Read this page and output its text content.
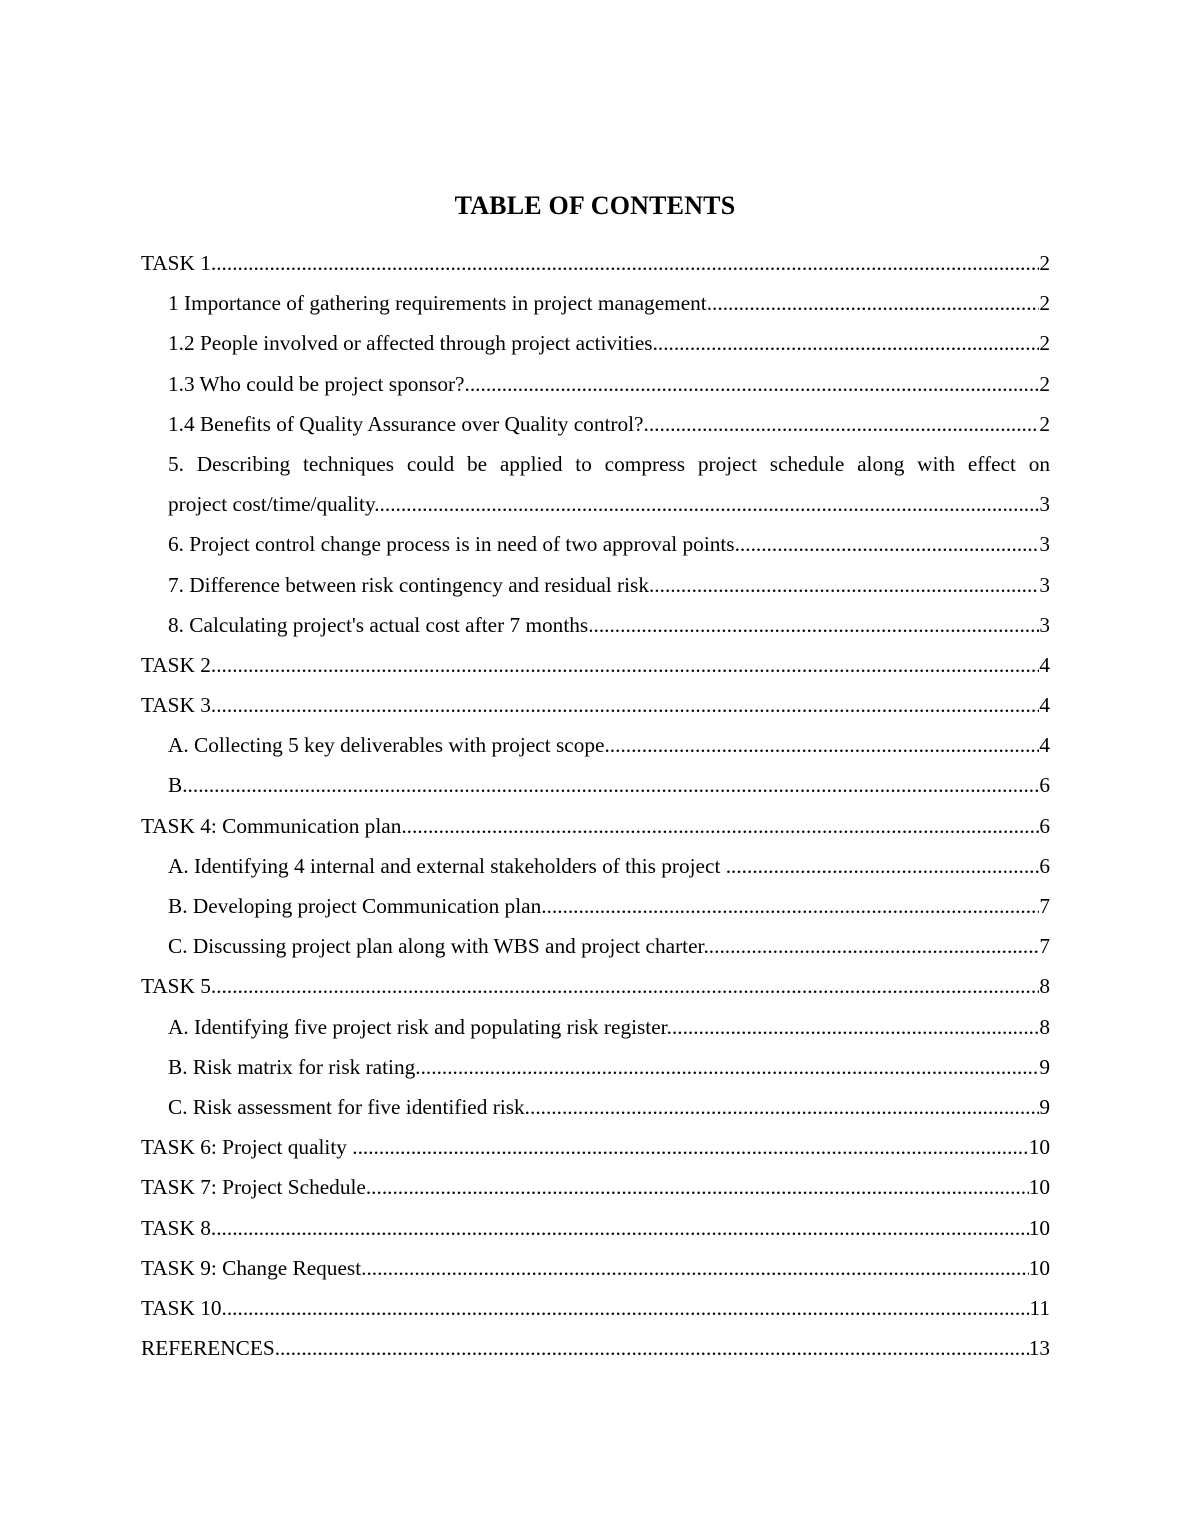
TABLE OF CONTENTS
TASK 1 .....	2
1 Importance of gathering requirements in project management .....	2
1.2 People involved or affected through project activities .....	2
1.3 Who could be project sponsor? .....	2
1.4 Benefits of Quality Assurance over Quality control? .....	2
5. Describing techniques could be applied to compress project schedule along with effect on
project cost/time/quality .....	3
6. Project control change process is in need of two approval points .....	3
7. Difference between risk contingency and residual risk .....	3
8. Calculating project's actual cost after 7 months .....	3
TASK 2 .....	4
TASK 3 .....	4
A. Collecting 5 key deliverables with project scope .....	4
B .....	6
TASK 4: Communication plan .....	6
A. Identifying 4 internal and external stakeholders of this project  .....	6
B. Developing project Communication plan .....	7
C. Discussing project plan along with WBS and project charter .....	7
TASK 5 .....	8
A. Identifying five project risk and populating risk register .....	8
B. Risk matrix for risk rating .....	9
C. Risk assessment for five identified risk .....	9
TASK 6: Project quality  .....	10
TASK 7: Project Schedule .....	10
TASK 8 .....	10
TASK 9: Change Request .....	10
TASK 10 .....	11
REFERENCES .....	13
